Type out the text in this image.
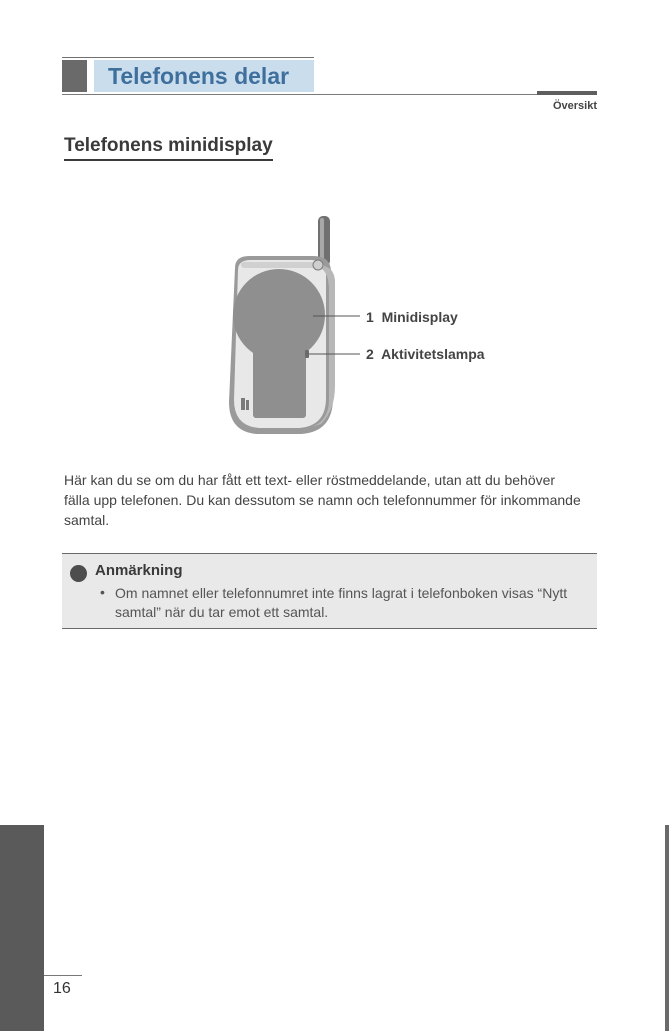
Telefonens delar
Översikt
Telefonens minidisplay
1 Minidisplay
2 Aktivitetslampa
Här kan du se om du har fått ett text- eller röstmeddelande, utan att du behöver fälla upp telefonen. Du kan dessutom se namn och telefonnummer för inkommande samtal.
Anmärkning
• Om namnet eller telefonnumret inte finns lagrat i telefonboken visas “Nytt samtal” när du tar emot ett samtal.
16
